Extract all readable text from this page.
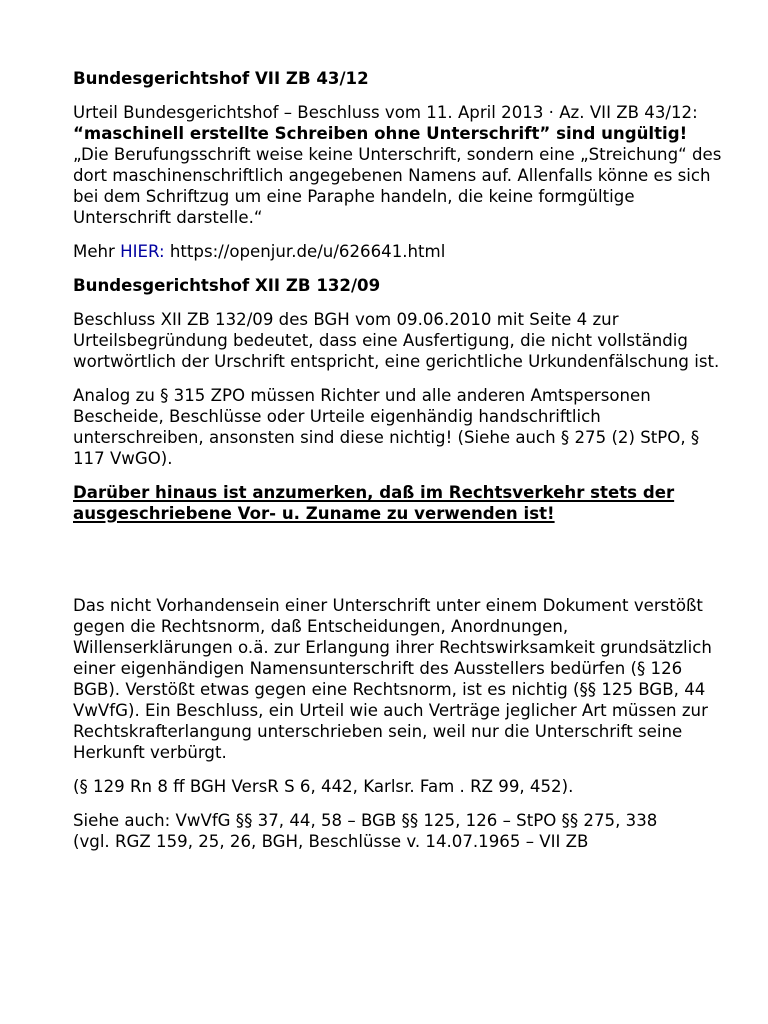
Bundesgerichtshof VII ZB 43/12

Urteil Bundesgerichtshof – Beschluss vom 11. April 2013 · Az. VII ZB 43/12: “maschinell erstellte Schreiben ohne Unterschrift” sind ungültig!
„Die Berufungsschrift weise keine Unterschrift, sondern eine „Streichung“ des dort maschinenschriftlich angegebenen Namens auf. Allenfalls könne es sich bei dem Schriftzug um eine Paraphe handeln, die keine formgültige Unterschrift darstelle.“

Mehr HIER: https://openjur.de/u/626641.html

Bundesgerichtshof XII ZB 132/09

Beschluss XII ZB 132/09 des BGH vom 09.06.2010 mit Seite 4 zur Urteilsbegründung bedeutet, dass eine Ausfertigung, die nicht vollständig wortwörtlich der Urschrift entspricht, eine gerichtliche Urkundenfälschung ist.

Analog zu § 315 ZPO müssen Richter und alle anderen Amtspersonen Bescheide, Beschlüsse oder Urteile eigenhändig handschriftlich unterschreiben, ansonsten sind diese nichtig! (Siehe auch § 275 (2) StPO, § 117 VwGO).

Darüber hinaus ist anzumerken, daß im Rechtsverkehr stets der ausgeschriebene Vor- u. Zuname zu verwenden ist!

Das nicht Vorhandensein einer Unterschrift unter einem Dokument verstößt gegen die Rechtsnorm, daß Entscheidungen, Anordnungen, Willenserklärungen o.ä. zur Erlangung ihrer Rechtswirksamkeit grundsätzlich einer eigenhändigen Namensunterschrift des Ausstellers bedürfen (§ 126 BGB). Verstößt etwas gegen eine Rechtsnorm, ist es nichtig (§§ 125 BGB, 44 VwVfG). Ein Beschluss, ein Urteil wie auch Verträge jeglicher Art müssen zur Rechtskrafterlangung unterschrieben sein, weil nur die Unterschrift seine Herkunft verbürgt.

(§ 129 Rn 8 ff BGH VersR S 6, 442, Karlsr. Fam . RZ 99, 452).

Siehe auch: VwVfG §§ 37, 44, 58 – BGB §§ 125, 126 – StPO §§ 275, 338
(vgl. RGZ 159, 25, 26, BGH, Beschlüsse v. 14.07.1965 – VII ZB
